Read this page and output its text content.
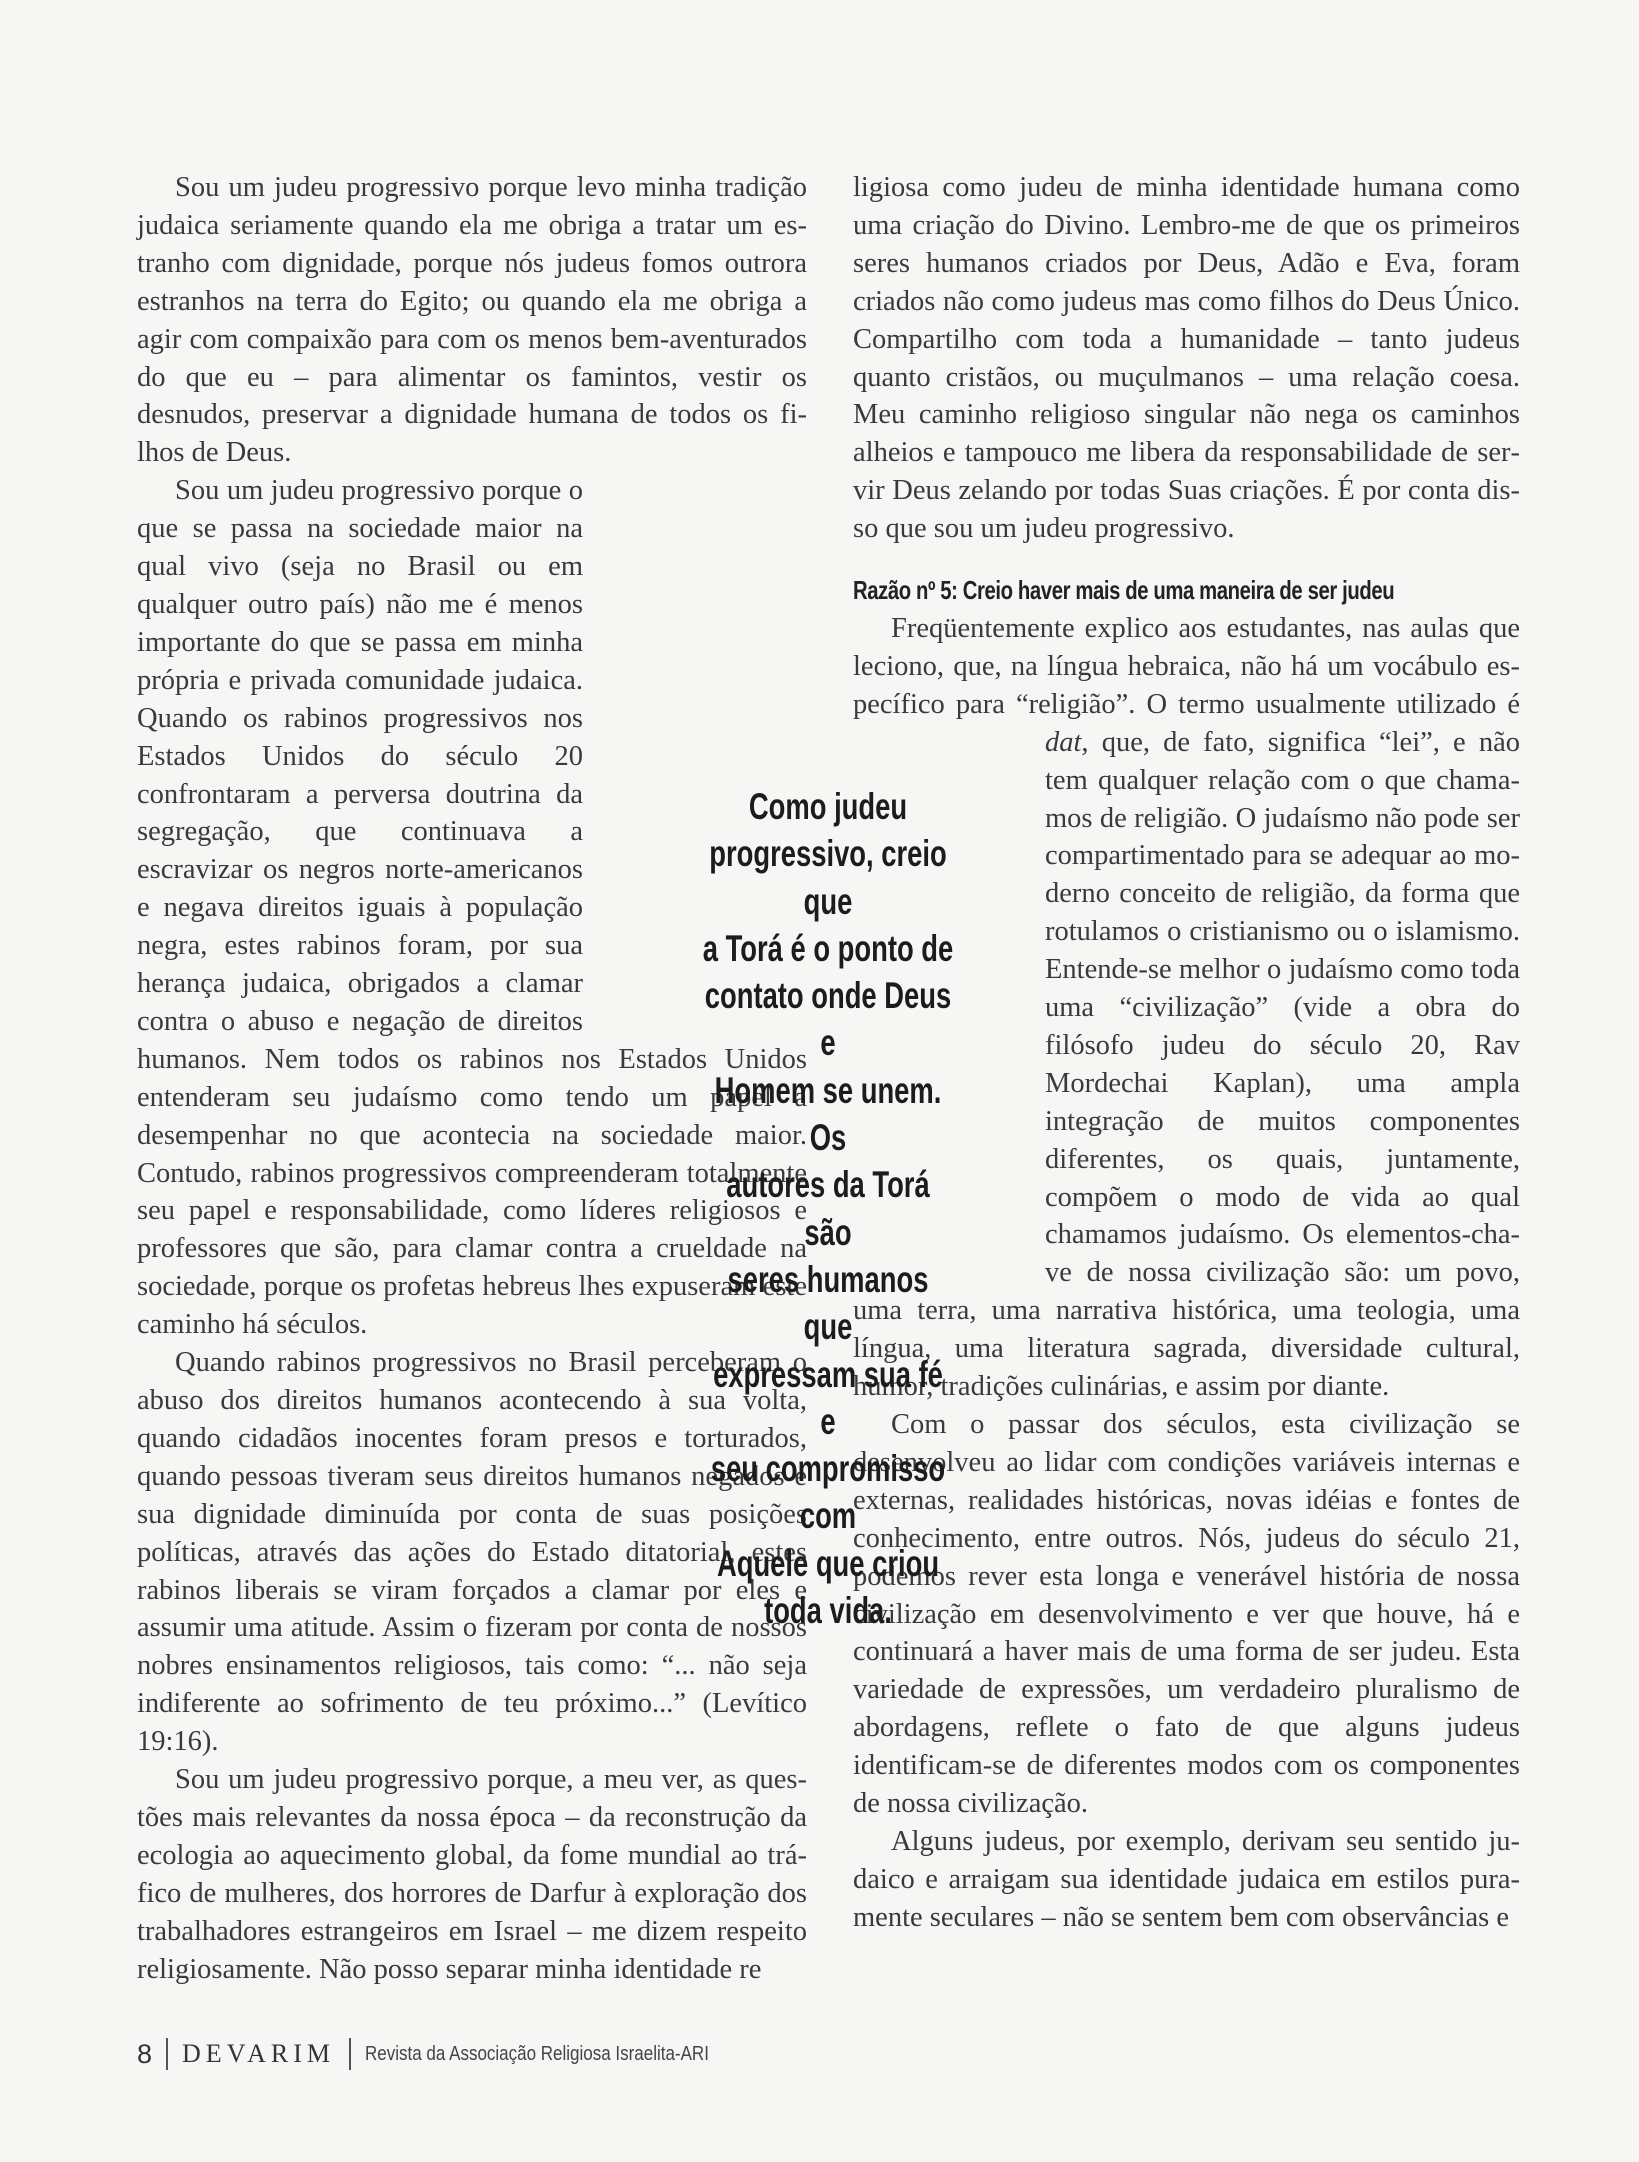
Sou um judeu progressivo porque levo minha tradição judaica seriamente quando ela me obriga a tratar um estranho com dignidade, porque nós judeus fomos outrora estranhos na terra do Egito; ou quando ela me obriga a agir com compaixão para com os menos bem-aventurados do que eu – para alimentar os famintos, vestir os desnudos, preservar a dignidade humana de todos os filhos de Deus.

Sou um judeu progressivo porque o que se passa na sociedade maior na qual vivo (seja no Brasil ou em qualquer outro país) não me é menos importante do que se passa em minha própria e privada comunidade judaica. Quando os rabinos progressivos nos Estados Unidos do século 20 confrontaram a perversa doutrina da segregação, que continuava a escravizar os negros norte-americanos e negava direitos iguais à população negra, estes rabinos foram, por sua herança judaica, obrigados a clamar contra o abuso e negação de direitos humanos. Nem todos os rabinos nos Estados Unidos entenderam seu judaísmo como tendo um papel a desempenhar no que acontecia na sociedade maior. Contudo, rabinos progressivos compreenderam totalmente seu papel e responsabilidade, como líderes religiosos e professores que são, para clamar contra a crueldade na sociedade, porque os profetas hebreus lhes expuseram este caminho há séculos.

Quando rabinos progressivos no Brasil perceberam o abuso dos direitos humanos acontecendo à sua volta, quando cidadãos inocentes foram presos e torturados, quando pessoas tiveram seus direitos humanos negados e sua dignidade diminuída por conta de suas posições políticas, através das ações do Estado ditatorial, estes rabinos liberais se viram forçados a clamar por eles e assumir uma atitude. Assim o fizeram por conta de nossos nobres ensinamentos religiosos, tais como: “... não seja indiferente ao sofrimento de teu próximo...” (Levítico 19:16).

Sou um judeu progressivo porque, a meu ver, as questões mais relevantes da nossa época – da reconstrução da ecologia ao aquecimento global, da fome mundial ao tráfico de mulheres, dos horrores de Darfur à exploração dos trabalhadores estrangeiros em Israel – me dizem respeito religiosamente. Não posso separar minha identidade re

ligiosa como judeu de minha identidade humana como uma criação do Divino. Lembro-me de que os primeiros seres humanos criados por Deus, Adão e Eva, foram criados não como judeus mas como filhos do Deus Único. Compartilho com toda a humanidade – tanto judeus quanto cristãos, ou muçulmanos – uma relação coesa. Meu caminho religioso singular não nega os caminhos alheios e tampouco me libera da responsabilidade de servir Deus zelando por todas Suas criações. É por conta disso que sou um judeu progressivo.

Razão nº 5: Creio haver mais de uma maneira de ser judeu

Freqüentemente explico aos estudantes, nas aulas que leciono, que, na língua hebraica, não há um vocábulo específico para “religião”. O termo usualmente utilizado é
dat, que, de fato, significa “lei”, e não tem qualquer relação com o que chamamos de religião. O judaísmo não pode ser compartimentado para se adequar ao moderno conceito de religião, da forma que rotulamos o cristianismo ou o islamismo. Entende-se melhor o judaísmo como toda uma “civilização” (vide a obra do filósofo judeu do século 20, Rav Mordechai Kaplan), uma ampla integração de muitos componentes diferentes, os quais, juntamente, compõem o modo de vida ao qual chamamos judaísmo. Os elementos-chave de nossa civilização são: um povo, uma terra, uma narrativa histórica, uma teologia, uma língua, uma literatura sagrada, diversidade cultural, humor, tradições culinárias, e assim por diante.

Com o passar dos séculos, esta civilização se desenvolveu ao lidar com condições variáveis internas e externas, realidades históricas, novas idéias e fontes de conhecimento, entre outros. Nós, judeus do século 21, podemos rever esta longa e venerável história de nossa civilização em desenvolvimento e ver que houve, há e continuará a haver mais de uma forma de ser judeu. Esta variedade de expressões, um verdadeiro pluralismo de abordagens, reflete o fato de que alguns judeus identificam-se de diferentes modos com os componentes de nossa civilização.

Alguns judeus, por exemplo, derivam seu sentido judaico e arraigam sua identidade judaica em estilos puramente seculares – não se sentem bem com observâncias e

Como judeu
progressivo, creio que
a Torá é o ponto de
contato onde Deus e
Homem se unem. Os
autores da Torá são
seres humanos que
expressam sua fé e
seu compromisso com
Aquele que criou
toda vida.
8 DEVARIM Revista da Associação Religiosa Israelita-ARI
